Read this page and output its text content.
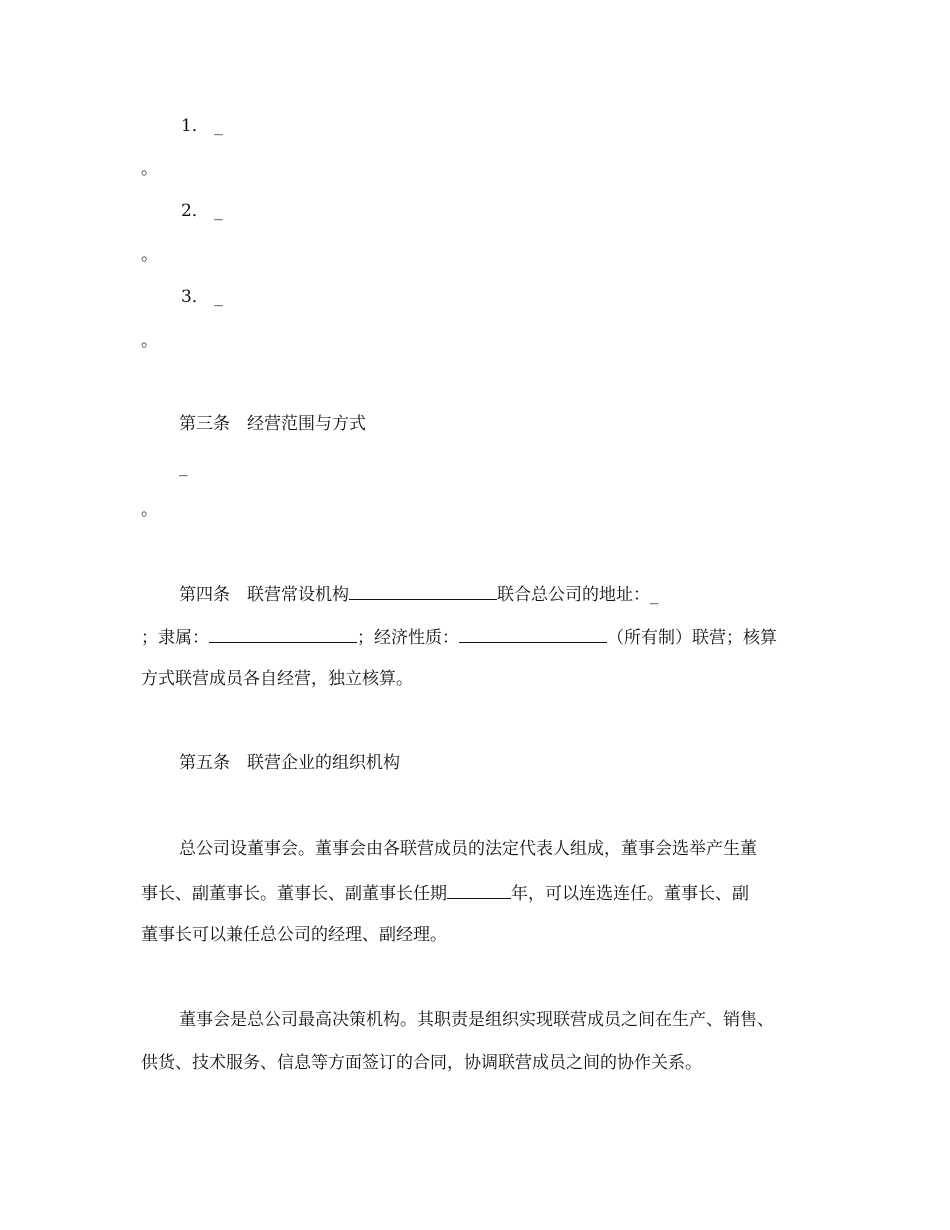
1． _

。

2． _

。

3． _

。

第三条 经营范围与方式

_

。

第四条 联营常设机构	联合总公司的地址：_

；隶属：	；经济性质：	（所有制）联营；核算

方式联营成员各自经营，独立核算。

第五条 联营企业的组织机构

总公司设董事会。董事会由各联营成员的法定代表人组成，董事会选举产生董

事长、副董事长。董事长、副董事长任期	年，可以连选连任。董事长、副

董事长可以兼任总公司的经理、副经理。

董事会是总公司最高决策机构。其职责是组织实现联营成员之间在生产、销售、

供货、技术服务、信息等方面签订的合同，协调联营成员之间的协作关系。
